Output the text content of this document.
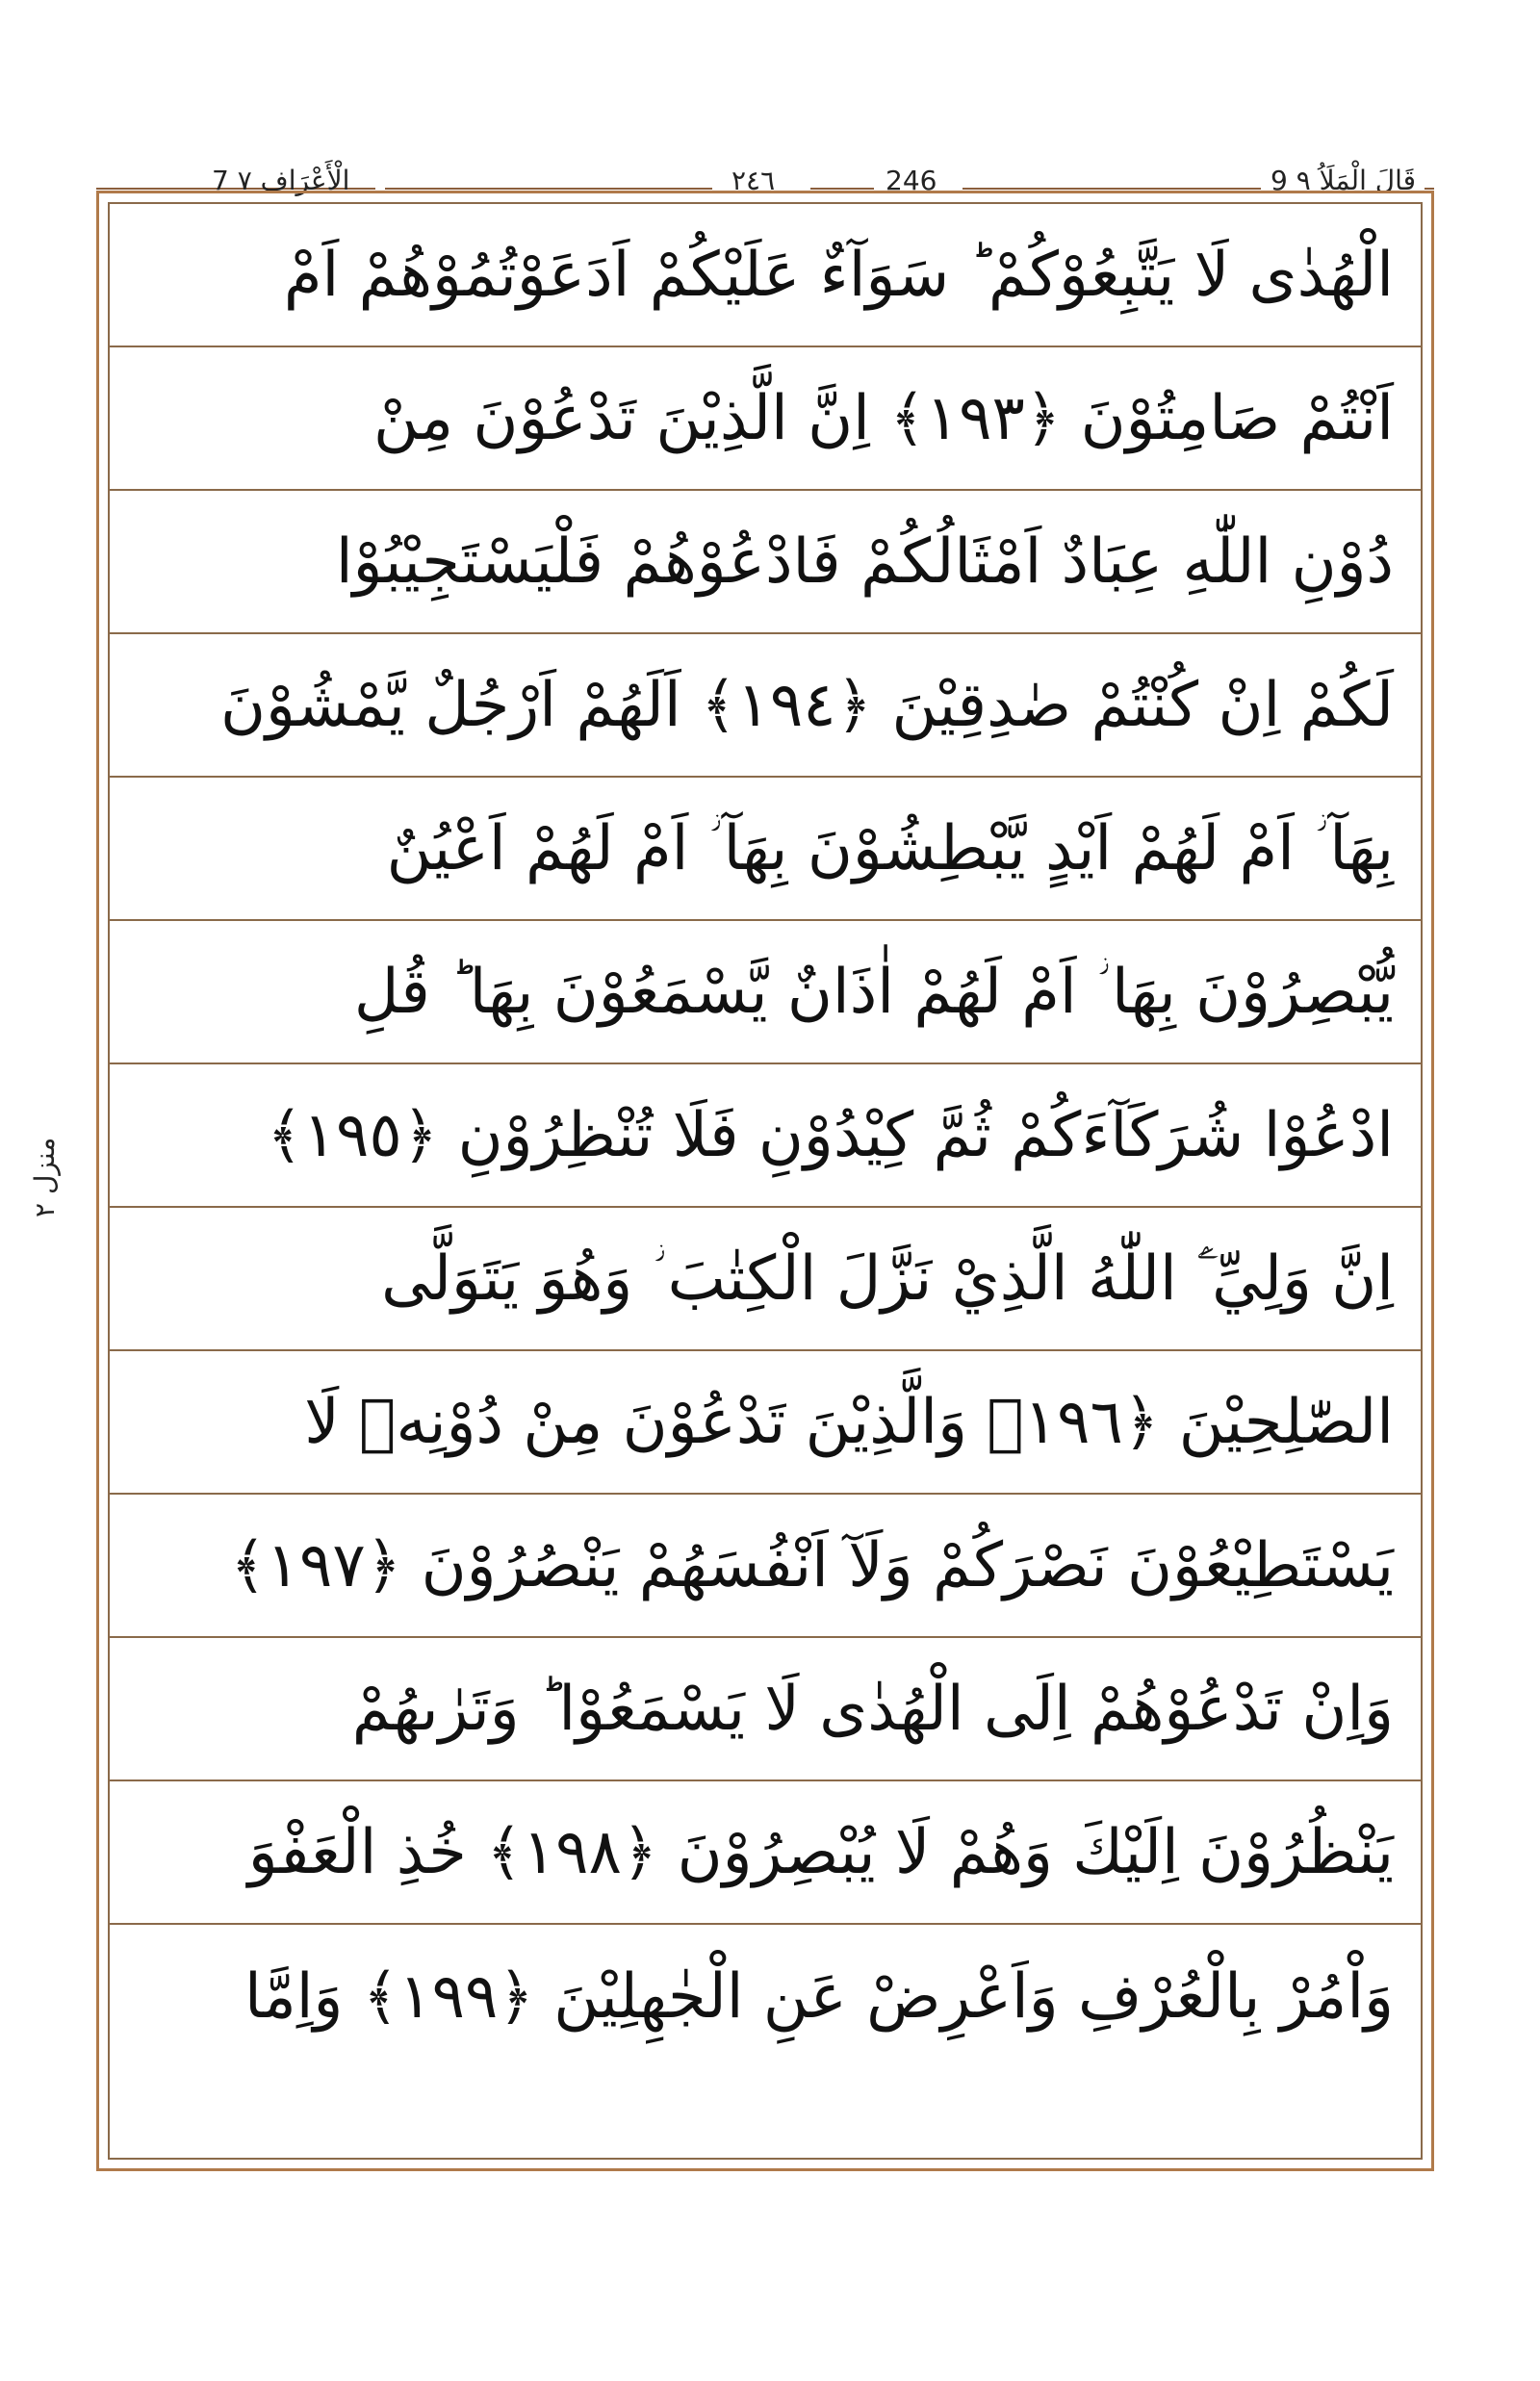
7 الْأَعْرَاف ٧	٢٤٦	246	9 قَالَ الْمَلَاُ ٩
منزل ٢
الْهُدٰى لَا يَتَّبِعُوْكُمْ ؕ سَوَآءٌ عَلَيْكُمْ اَدَعَوْتُمُوْهُمْ اَمْ
اَنْتُمْ صَامِتُوْنَ ﴿١٩٣﴾ اِنَّ الَّذِيْنَ تَدْعُوْنَ مِنْ
دُوْنِ اللّٰهِ عِبَادٌ اَمْثَالُكُمْ فَادْعُوْهُمْ فَلْيَسْتَجِيْبُوْا
لَكُمْ اِنْ كُنْتُمْ صٰدِقِيْنَ ﴿١٩٤﴾ اَلَهُمْ اَرْجُلٌ يَّمْشُوْنَ
بِهَآ ؗ اَمْ لَهُمْ اَيْدٍ يَّبْطِشُوْنَ بِهَآ ؗ اَمْ لَهُمْ اَعْيُنٌ
يُّبْصِرُوْنَ بِهَا ؗ اَمْ لَهُمْ اٰذَانٌ يَّسْمَعُوْنَ بِهَا ؕ قُلِ
ادْعُوْا شُرَكَآءَكُمْ ثُمَّ كِيْدُوْنِ فَلَا تُنْظِرُوْنِ ﴿١٩٥﴾
اِنَّ وَلِيِّ َۧ اللّٰهُ الَّذِيْ نَزَّلَ الْكِتٰبَ ؗ وَهُوَ يَتَوَلَّى
الصّٰلِحِيْنَ ﴿١٩٦﴾ وَالَّذِيْنَ تَدْعُوْنَ مِنْ دُوْنِهٖ لَا
يَسْتَطِيْعُوْنَ نَصْرَكُمْ وَلَآ اَنْفُسَهُمْ يَنْصُرُوْنَ ﴿١٩٧﴾
وَاِنْ تَدْعُوْهُمْ اِلَى الْهُدٰى لَا يَسْمَعُوْا ؕ وَتَرٰىهُمْ
يَنْظُرُوْنَ اِلَيْكَ وَهُمْ لَا يُبْصِرُوْنَ ﴿١٩٨﴾ خُذِ الْعَفْوَ
وَاْمُرْ بِالْعُرْفِ وَاَعْرِضْ عَنِ الْجٰهِلِيْنَ ﴿١٩٩﴾ وَاِمَّا
